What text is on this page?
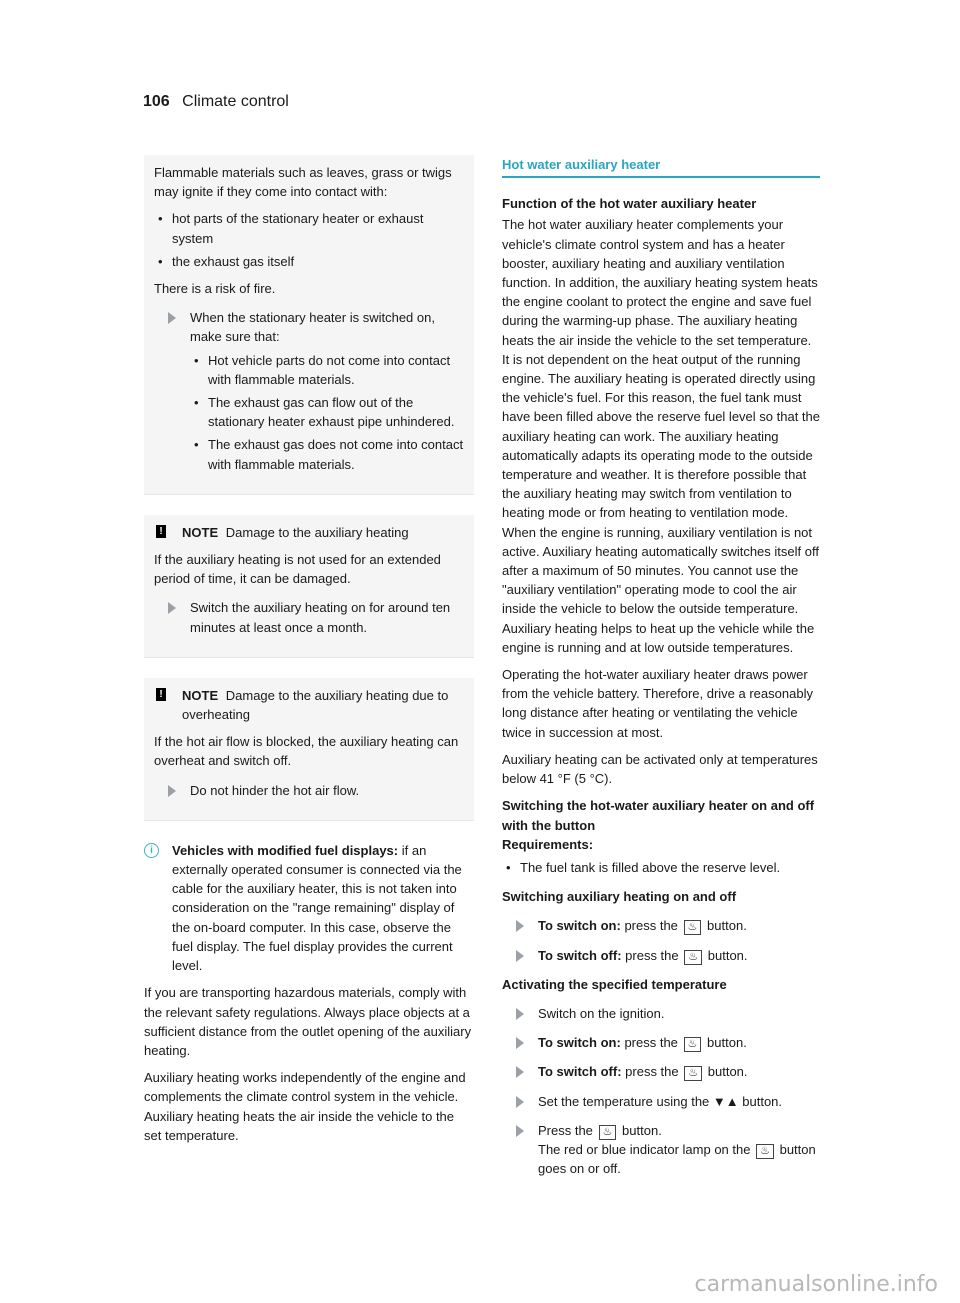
106 Climate control

Flammable materials such as leaves, grass or twigs may ignite if they come into contact with:

• hot parts of the stationary heater or exhaust system
• the exhaust gas itself

There is a risk of fire.

When the stationary heater is switched on, make sure that:
• Hot vehicle parts do not come into contact with flammable materials.
• The exhaust gas can flow out of the stationary heater exhaust pipe unhindered.
• The exhaust gas does not come into contact with flammable materials.
! NOTE Damage to the auxiliary heating

If the auxiliary heating is not used for an extended period of time, it can be damaged.

Switch the auxiliary heating on for around ten minutes at least once a month.
! NOTE Damage to the auxiliary heating due to overheating

If the hot air flow is blocked, the auxiliary heating can overheat and switch off.

Do not hinder the hot air flow.
i	Vehicles with modified fuel displays: if an externally operated consumer is connected via the cable for the auxiliary heater, this is not taken into consideration on the "range remaining" display of the on-board computer. In this case, observe the fuel display. The fuel display provides the current level.

If you are transporting hazardous materials, comply with the relevant safety regulations. Always place objects at a sufficient distance from the outlet opening of the auxiliary heating.

Auxiliary heating works independently of the engine and complements the climate control system in the vehicle. Auxiliary heating heats the air inside the vehicle to the set temperature.

Hot water auxiliary heater

Function of the hot water auxiliary heater

The hot water auxiliary heater complements your vehicle's climate control system and has a heater booster, auxiliary heating and auxiliary ventilation function. In addition, the auxiliary heating system heats the engine coolant to protect the engine and save fuel during the warming-up phase. The auxiliary heating heats the air inside the vehicle to the set temperature. It is not dependent on the heat output of the running engine. The auxiliary heating is operated directly using the vehicle's fuel. For this reason, the fuel tank must have been filled above the reserve fuel level so that the auxiliary heating can work. The auxiliary heating automatically adapts its operating mode to the outside temperature and weather. It is therefore possible that the auxiliary heating may switch from ventilation to heating mode or from heating to ventilation mode. When the engine is running, auxiliary ventilation is not active. Auxiliary heating automatically switches itself off after a maximum of 50 minutes. You cannot use the "auxiliary ventilation" operating mode to cool the air inside the vehicle to below the outside temperature. Auxiliary heating helps to heat up the vehicle while the engine is running and at low outside temperatures.

Operating the hot-water auxiliary heater draws power from the vehicle battery. Therefore, drive a reasonably long distance after heating or ventilating the vehicle twice in succession at most.

Auxiliary heating can be activated only at temperatures below 41 °F (5 °C).

Switching the hot-water auxiliary heater on and off with the button

Requirements:

• The fuel tank is filled above the reserve level.
Switching auxiliary heating on and off
To switch on: press the ♨ button.
To switch off: press the ♨ button.
Activating the specified temperature
Switch on the ignition.
To switch on: press the ♨ button.
To switch off: press the ♨ button.
Set the temperature using the ▼▲ button.
Press the ♨ button.
The red or blue indicator lamp on the ♨ button goes on or off.
carmanualsonline.info
